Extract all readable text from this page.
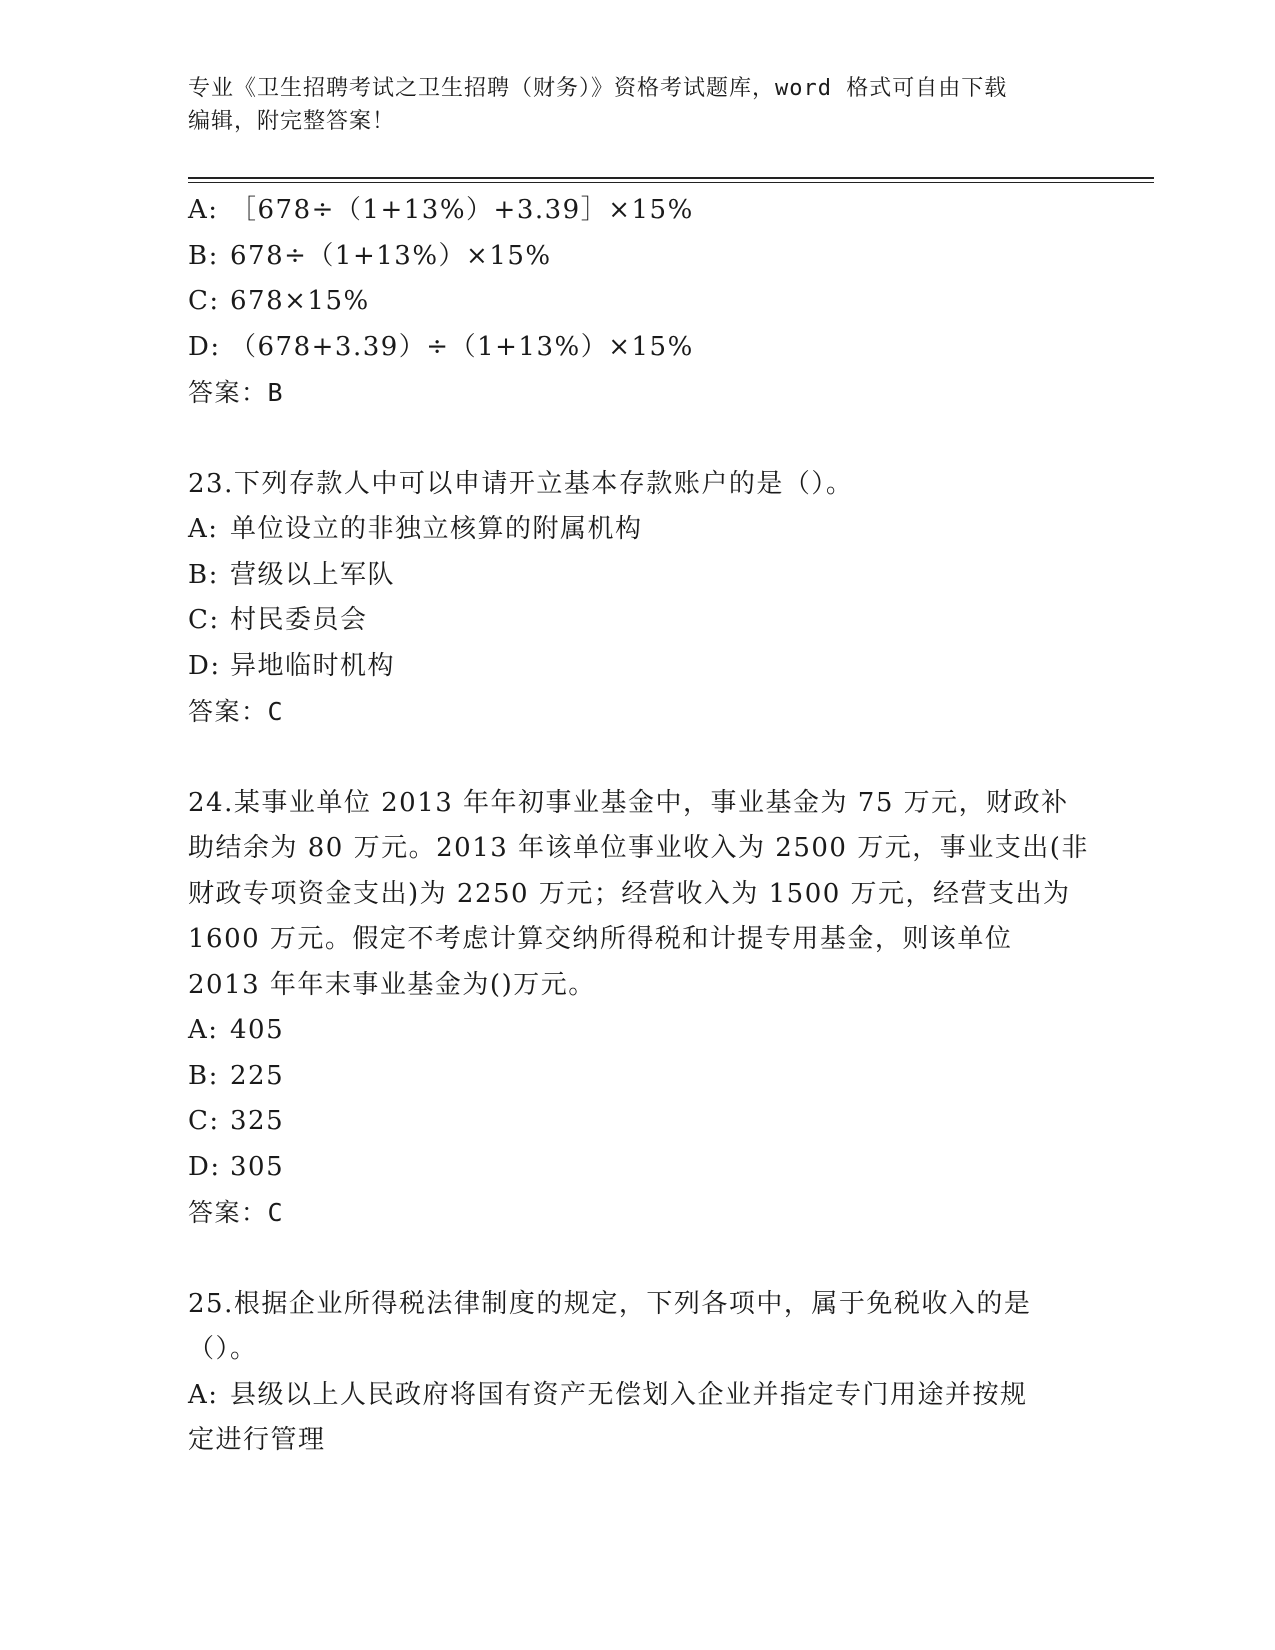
专业《卫生招聘考试之卫生招聘（财务）》资格考试题库，word 格式可自由下载
编辑，附完整答案！
A: ［678÷（1+13%）+3.39］×15%
B: 678÷（1+13%）×15%
C: 678×15%
D: （678+3.39）÷（1+13%）×15%
答案：B
23.下列存款人中可以申请开立基本存款账户的是（）。
A: 单位设立的非独立核算的附属机构
B: 营级以上军队
C: 村民委员会
D: 异地临时机构
答案：C
24.某事业单位 2013 年年初事业基金中，事业基金为 75 万元，财政补
助结余为 80 万元。2013 年该单位事业收入为 2500 万元，事业支出(非
财政专项资金支出)为 2250 万元；经营收入为 1500 万元，经营支出为
1600 万元。假定不考虑计算交纳所得税和计提专用基金，则该单位
2013 年年末事业基金为()万元。
A: 405
B: 225
C: 325
D: 305
答案：C
25.根据企业所得税法律制度的规定，下列各项中，属于免税收入的是
（）。
A: 县级以上人民政府将国有资产无偿划入企业并指定专门用途并按规
定进行管理
